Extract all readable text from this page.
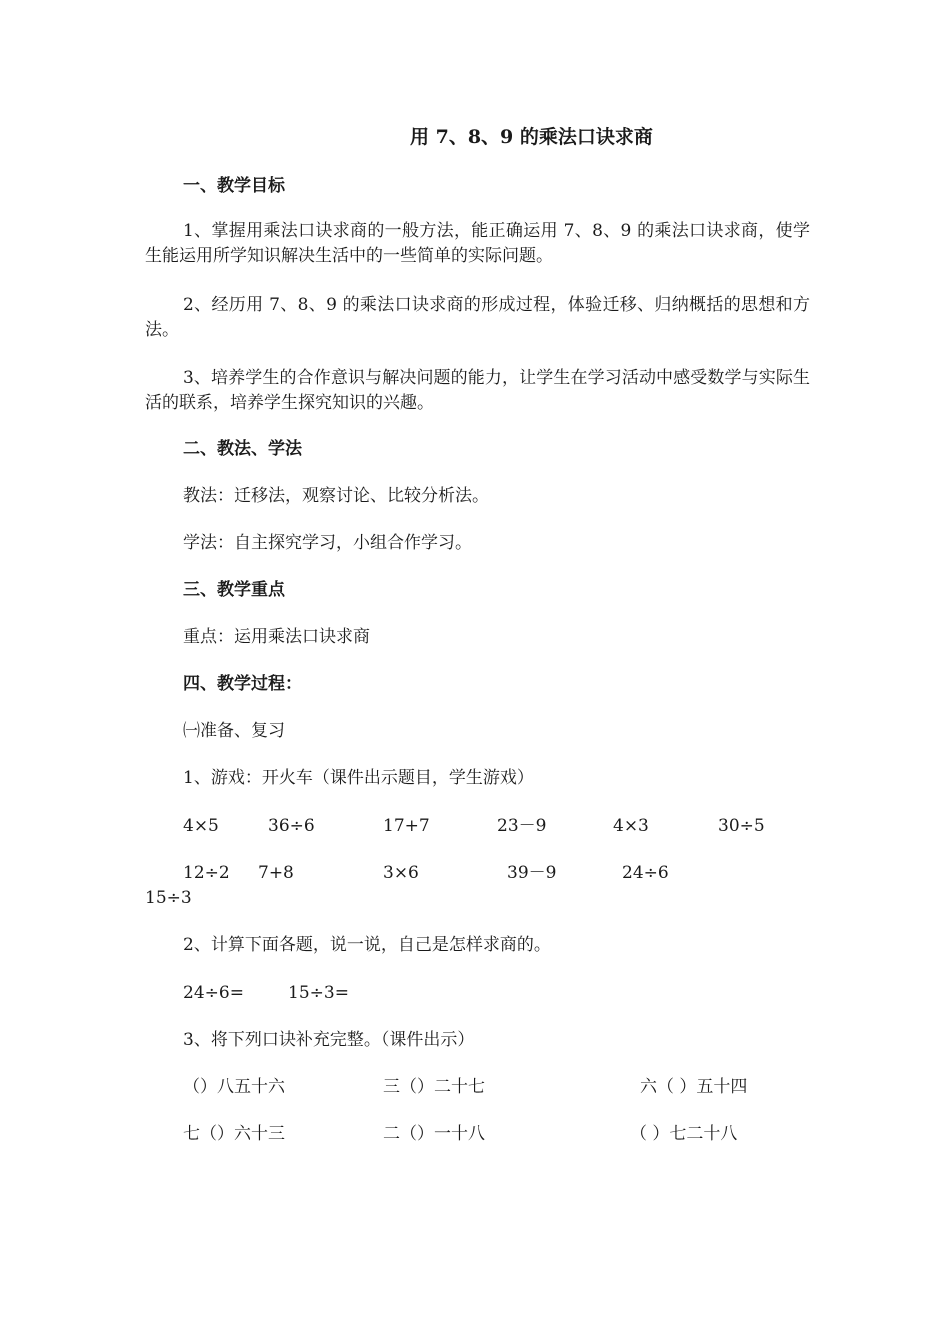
用 7、8、9 的乘法口诀求商
一、教学目标
1、掌握用乘法口诀求商的一般方法，能正确运用 7、8、9 的乘法口诀求商，使学生能运用所学知识解决生活中的一些简单的实际问题。
2、经历用 7、8、9 的乘法口诀求商的形成过程，体验迁移、归纳概括的思想和方法。
3、培养学生的合作意识与解决问题的能力，让学生在学习活动中感受数学与实际生活的联系，培养学生探究知识的兴趣。
二、教法、学法
教法：迁移法，观察讨论、比较分析法。
学法：自主探究学习，小组合作学习。
三、教学重点
重点：运用乘法口诀求商
四、教学过程：
㈠准备、复习
1、游戏：开火车（课件出示题目，学生游戏）
4×5	36÷6	17+7	23－9	4×3	30÷5
12÷2 7+8	3×6	39－9	24÷6
15÷3
2、计算下面各题，说一说，自己是怎样求商的。
24÷6=	15÷3=
3、将下列口诀补充完整。（课件出示）
（）八五十六	三（）二十七	六（ ）五十四
七（）六十三	二（）一十八	（ ）七二十八
